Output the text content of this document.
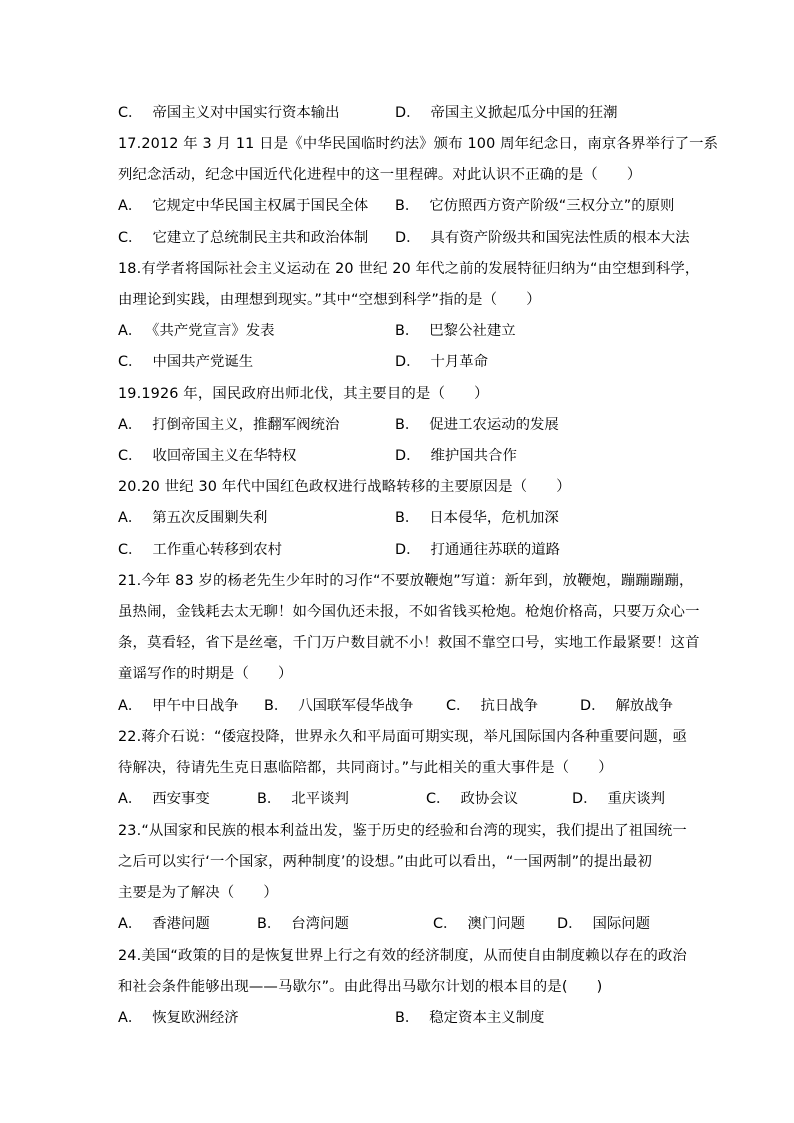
C． 帝国主义对中国实行资本输出	D． 帝国主义掀起瓜分中国的狂潮
17.2012 年 3 月 11 日是《中华民国临时约法》颁布 100 周年纪念日，南京各界举行了一系
列纪念活动，纪念中国近代化进程中的这一里程碑。对此认识不正确的是（　　）
A． 它规定中华民国主权属于国民全体 B． 它仿照西方资产阶级“三权分立”的原则
C． 它建立了总统制民主共和政治体制 D． 具有资产阶级共和国宪法性质的根本大法
18.有学者将国际社会主义运动在 20 世纪 20 年代之前的发展特征归纳为“由空想到科学，
由理论到实践，由理想到现实。”其中“空想到科学”指的是（　　）
A． 《共产党宣言》发表	B． 巴黎公社建立
C． 中国共产党诞生	D． 十月革命
19.1926 年，国民政府出师北伐，其主要目的是（　　）
A． 打倒帝国主义，推翻军阀统治	B． 促进工农运动的发展
C． 收回帝国主义在华特权	D． 维护国共合作
20.20 世纪 30 年代中国红色政权进行战略转移的主要原因是（　　）
A． 第五次反围剿失利	B． 日本侵华，危机加深
C． 工作重心转移到农村	D． 打通通往苏联的道路
21.今年 83 岁的杨老先生少年时的习作“不要放鞭炮”写道：新年到，放鞭炮，蹦蹦蹦蹦，
虽热闹，金钱耗去太无聊！如今国仇还未报，不如省钱买枪炮。枪炮价格高，只要万众心一
条，莫看轻，省下是丝毫，千门万户数目就不小！救国不靠空口号，实地工作最紧要！这首
童谣写作的时期是（　　）
A． 甲午中日战争 B． 八国联军侵华战争 C． 抗日战争	D． 解放战争
22.蒋介石说：“倭寇投降，世界永久和平局面可期实现，举凡国际国内各种重要问题，亟
待解决，待请先生克日惠临陪都，共同商讨。”与此相关的重大事件是（　　）
A． 西安事变	B． 北平谈判	C． 政协会议	D． 重庆谈判
23.“从国家和民族的根本利益出发，鉴于历史的经验和台湾的现实，我们提出了祖国统一
之后可以实行‘一个国家，两种制度’的设想。”由此可以看出，“一国两制”的提出最初
主要是为了解决（　　）
A． 香港问题	B． 台湾问题	C． 澳门问题 D． 国际问题
24.美国“政策的目的是恢复世界上行之有效的经济制度，从而使自由制度赖以存在的政治
和社会条件能够出现——马歇尔”。由此得出马歇尔计划的根本目的是(　　)
A． 恢复欧洲经济	B． 稳定资本主义制度
